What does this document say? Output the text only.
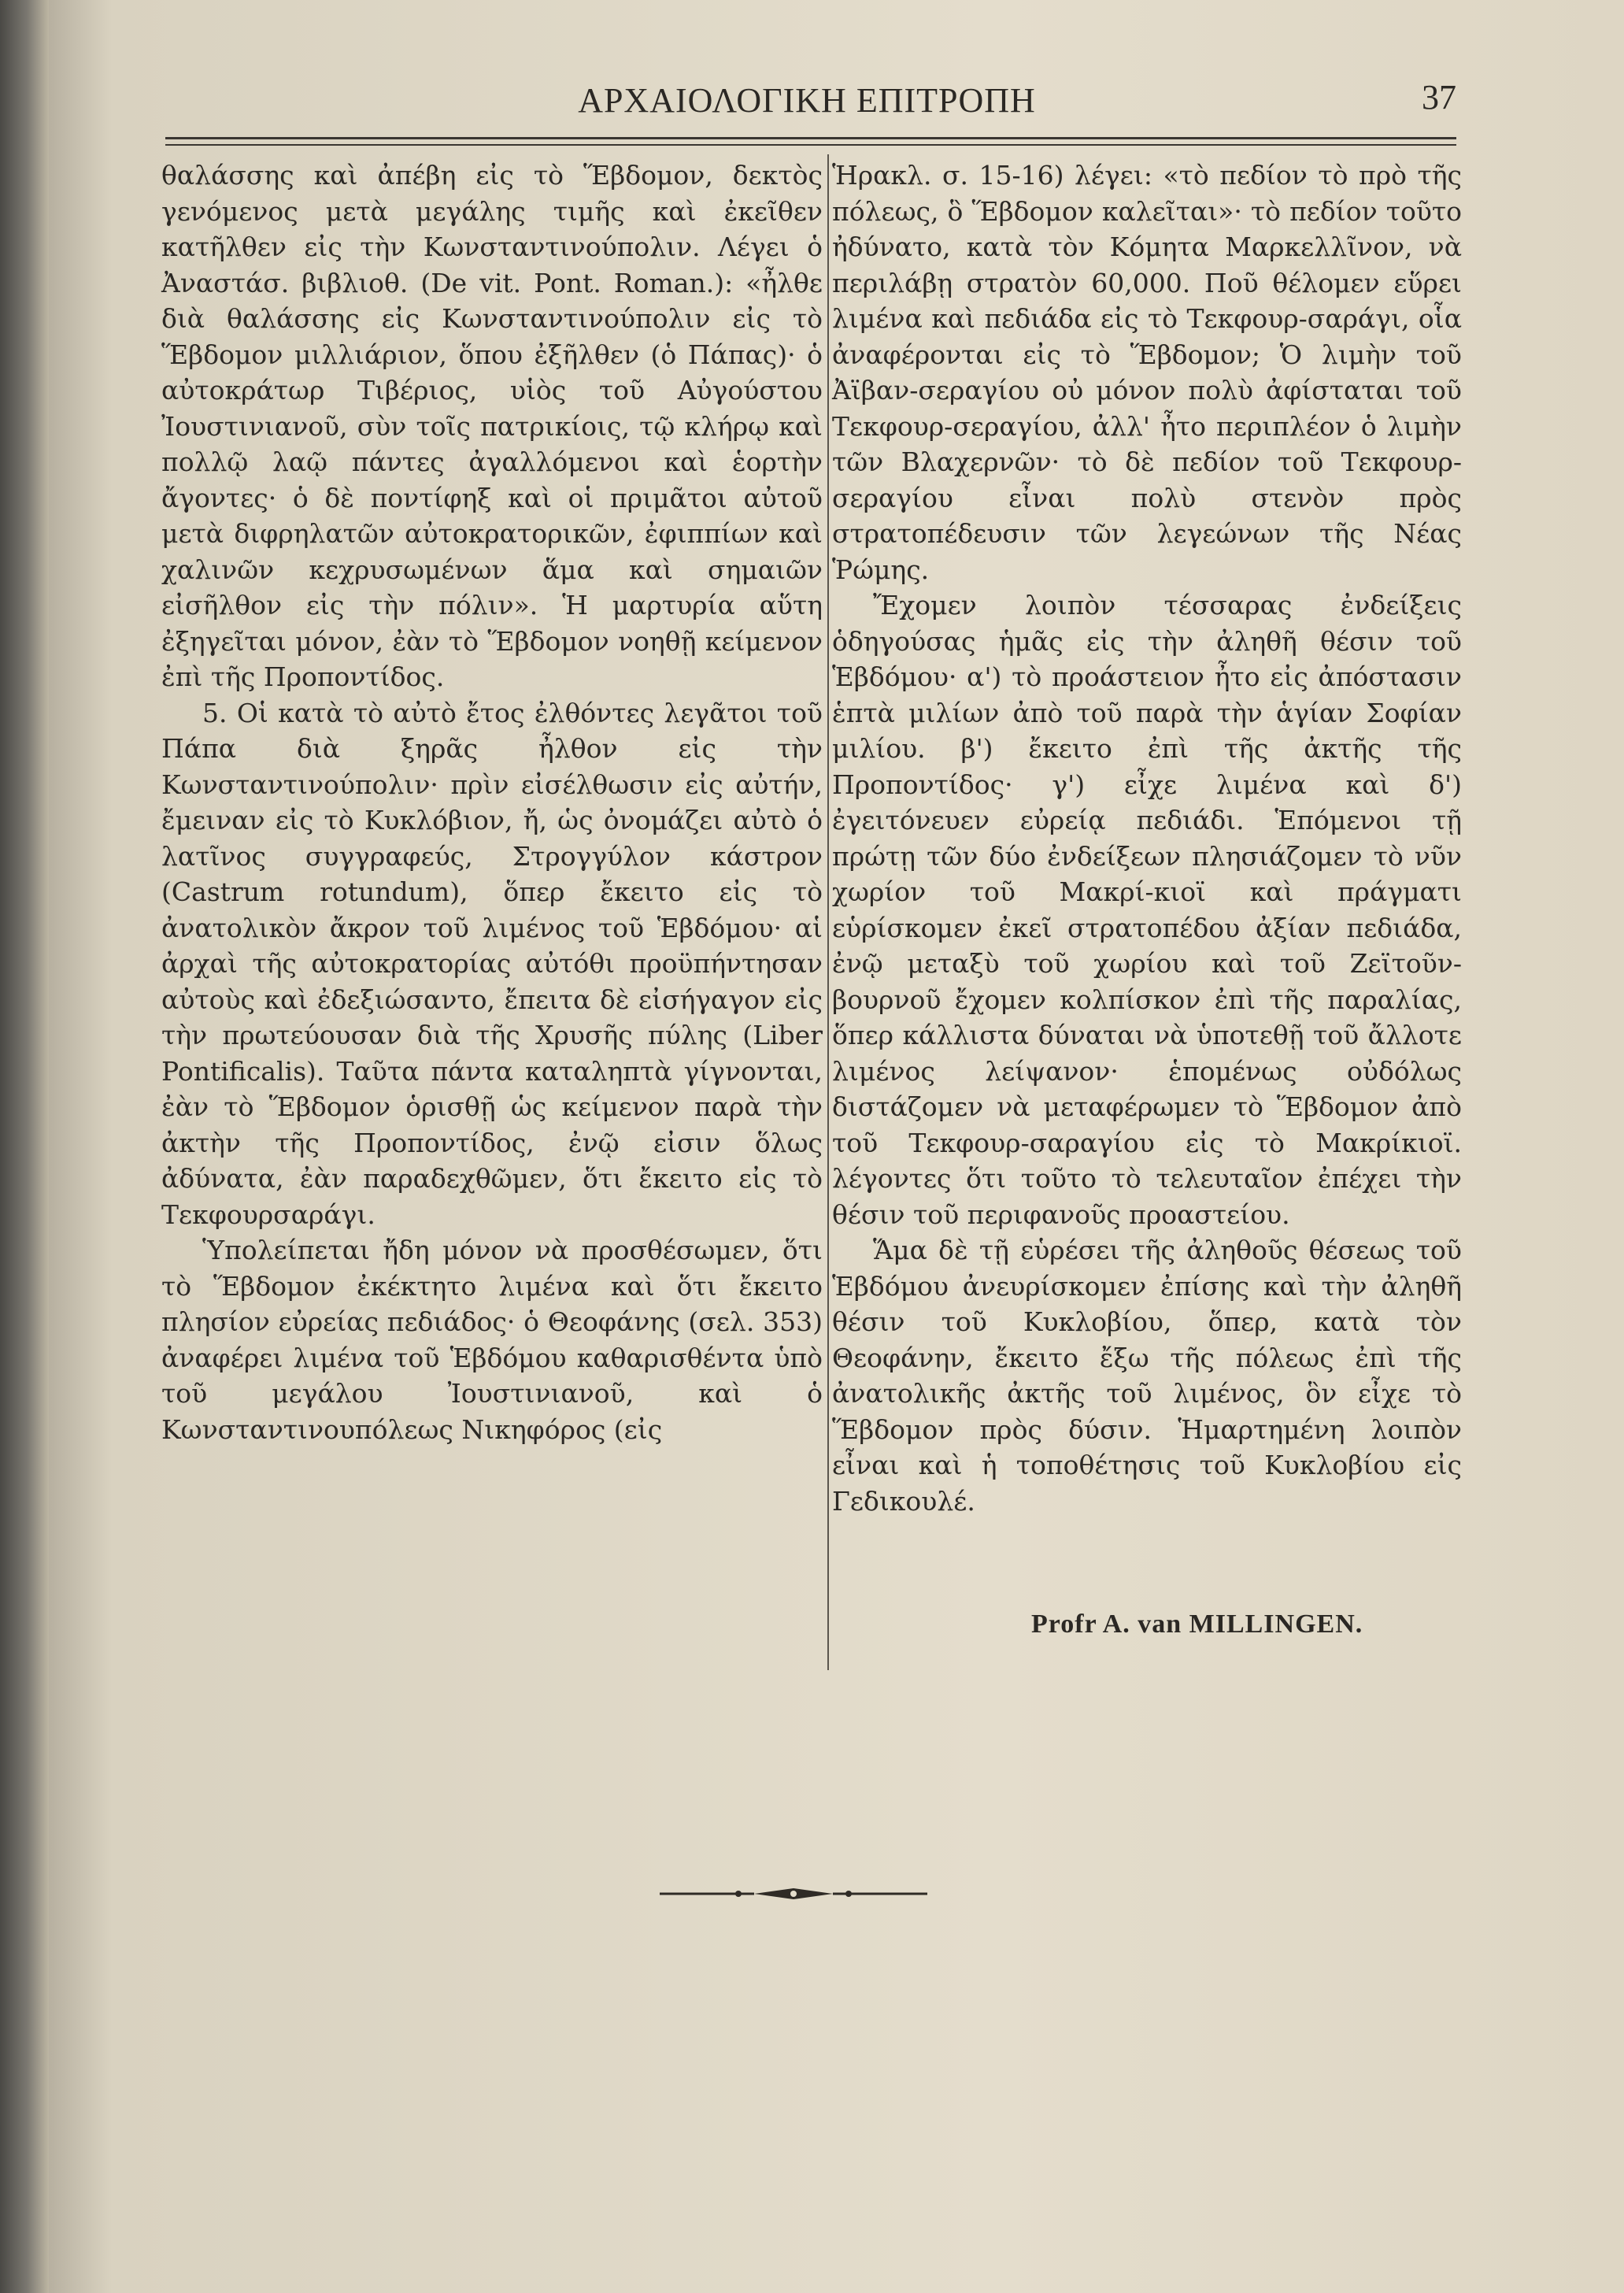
ΑΡΧΑΙΟΛΟΓΙΚΗ ΕΠΙΤΡΟΠΗ	37

θαλάσσης καὶ ἀπέβη εἰς τὸ Ἕβδομον, δεκτὸς γενόμενος μετὰ μεγάλης τιμῆς καὶ ἐκεῖθεν κατῆλθεν εἰς τὴν Κωνσταντινούπολιν. Λέγει ὁ Ἀναστάσ. βιβλιοθ. (De vit. Pont. Roman.): «ἦλθε διὰ θαλάσσης εἰς Κωνσταντινούπολιν εἰς τὸ Ἕβδομον μιλλιάριον, ὅπου ἐξῆλθεν (ὁ Πάπας)· ὁ αὐτοκράτωρ Τιβέριος, υἱὸς τοῦ Αὐγούστου Ἰουστινιανοῦ, σὺν τοῖς πατρικίοις, τῷ κλήρῳ καὶ πολλῷ λαῷ πάντες ἀγαλλόμενοι καὶ ἑορτὴν ἄγοντες· ὁ δὲ ποντίφηξ καὶ οἱ πριμᾶτοι αὐτοῦ μετὰ διφρηλατῶν αὐτοκρατορικῶν, ἐφιππίων καὶ χαλινῶν κεχρυσωμένων ἅμα καὶ σημαιῶν εἰσῆλθον εἰς τὴν πόλιν». Ἡ μαρτυρία αὕτη ἐξηγεῖται μόνον, ἐὰν τὸ Ἕβδομον νοηθῇ κείμενον ἐπὶ τῆς Προποντίδος.

5. Οἱ κατὰ τὸ αὐτὸ ἔτος ἐλθόντες λεγᾶτοι τοῦ Πάπα διὰ ξηρᾶς ἦλθον εἰς τὴν Κωνσταντινούπολιν· πρὶν εἰσέλθωσιν εἰς αὐτήν, ἔμειναν εἰς τὸ Κυκλόβιον, ἤ, ὡς ὀνομάζει αὐτὸ ὁ λατῖνος συγγραφεύς, Στρογγύλον κάστρον (Castrum rotundum), ὅπερ ἔκειτο εἰς τὸ ἀνατολικὸν ἄκρον τοῦ λιμένος τοῦ Ἑβδόμου· αἱ ἀρχαὶ τῆς αὐτοκρατορίας αὐτόθι προϋπήντησαν αὐτοὺς καὶ ἐδεξιώσαντο, ἔπειτα δὲ εἰσήγαγον εἰς τὴν πρωτεύουσαν διὰ τῆς Χρυσῆς πύλης (Liber Pontificalis). Ταῦτα πάντα καταληπτὰ γίγνονται, ἐὰν τὸ Ἕβδομον ὁρισθῇ ὡς κείμενον παρὰ τὴν ἀκτὴν τῆς Προποντίδος, ἐνῷ εἰσιν ὅλως ἀδύνατα, ἐὰν παραδεχθῶμεν, ὅτι ἔκειτο εἰς τὸ Τεκφουρσαράγι.

Ὑπολείπεται ἤδη μόνον νὰ προσθέσωμεν, ὅτι τὸ Ἕβδομον ἐκέκτητο λιμένα καὶ ὅτι ἔκειτο πλησίον εὐρείας πεδιάδος· ὁ Θεοφάνης (σελ. 353) ἀναφέρει λιμένα τοῦ Ἑβδόμου καθαρισθέντα ὑπὸ τοῦ μεγάλου Ἰουστινιανοῦ, καὶ ὁ Κωνσταντινουπόλεως Νικηφόρος (εἰς

Ἡρακλ. σ. 15-16) λέγει: «τὸ πεδίον τὸ πρὸ τῆς πόλεως, ὃ Ἕβδομον καλεῖται»· τὸ πεδίον τοῦτο ἠδύνατο, κατὰ τὸν Κόμητα Μαρκελλῖνον, νὰ περιλάβῃ στρατὸν 60,000. Ποῦ θέλομεν εὕρει λιμένα καὶ πεδιάδα εἰς τὸ Τεκφουρ-σαράγι, οἷα ἀναφέρονται εἰς τὸ Ἕβδομον; Ὁ λιμὴν τοῦ Ἀϊβαν-σεραγίου οὐ μόνον πολὺ ἀφίσταται τοῦ Τεκφουρ-σεραγίου, ἀλλ' ἦτο περιπλέον ὁ λιμὴν τῶν Βλαχερνῶν· τὸ δὲ πεδίον τοῦ Τεκφουρ-σεραγίου εἶναι πολὺ στενὸν πρὸς στρατοπέδευσιν τῶν λεγεώνων τῆς Νέας Ῥώμης.

Ἔχομεν λοιπὸν τέσσαρας ἐνδείξεις ὁδηγούσας ἡμᾶς εἰς τὴν ἀληθῆ θέσιν τοῦ Ἑβδόμου· α') τὸ προάστειον ἦτο εἰς ἀπόστασιν ἑπτὰ μιλίων ἀπὸ τοῦ παρὰ τὴν ἁγίαν Σοφίαν μιλίου. β') ἔκειτο ἐπὶ τῆς ἀκτῆς τῆς Προποντίδος· γ') εἶχε λιμένα καὶ δ') ἐγειτόνευεν εὐρείᾳ πεδιάδι. Ἑπόμενοι τῇ πρώτῃ τῶν δύο ἐνδείξεων πλησιάζομεν τὸ νῦν χωρίον τοῦ Μακρί-κιοϊ καὶ πράγματι εὑρίσκομεν ἐκεῖ στρατοπέδου ἀξίαν πεδιάδα, ἐνῷ μεταξὺ τοῦ χωρίου καὶ τοῦ Ζεϊτοῦν-βουρνοῦ ἔχομεν κολπίσκον ἐπὶ τῆς παραλίας, ὅπερ κάλλιστα δύναται νὰ ὑποτεθῇ τοῦ ἄλλοτε λιμένος λείψανον· ἑπομένως οὐδόλως διστάζομεν νὰ μεταφέρωμεν τὸ Ἕβδομον ἀπὸ τοῦ Τεκφουρ-σαραγίου εἰς τὸ Μακρίκιοϊ. λέγοντες ὅτι τοῦτο τὸ τελευταῖον ἐπέχει τὴν θέσιν τοῦ περιφανοῦς προαστείου.

Ἅμα δὲ τῇ εὑρέσει τῆς ἀληθοῦς θέσεως τοῦ Ἑβδόμου ἀνευρίσκομεν ἐπίσης καὶ τὴν ἀληθῆ θέσιν τοῦ Κυκλοβίου, ὅπερ, κατὰ τὸν Θεοφάνην, ἔκειτο ἔξω τῆς πόλεως ἐπὶ τῆς ἀνατολικῆς ἀκτῆς τοῦ λιμένος, ὃν εἶχε τὸ Ἕβδομον πρὸς δύσιν. Ἡμαρτημένη λοιπὸν εἶναι καὶ ἡ τοποθέτησις τοῦ Κυκλοβίου εἰς Γεδικουλέ.

Profr A. van MILLINGEN.
